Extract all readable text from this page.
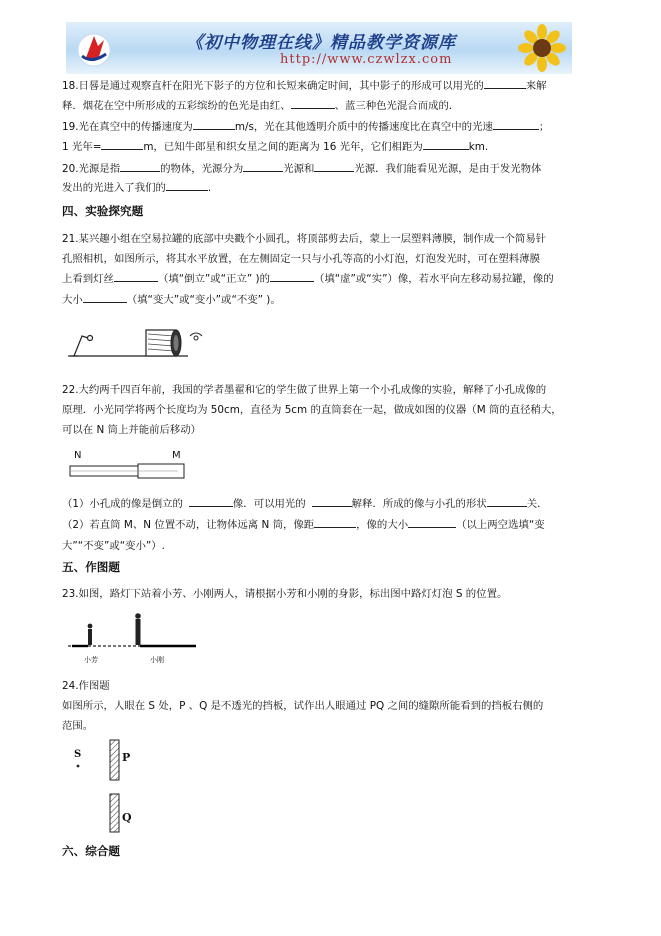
《初中物理在线》精品教学资源库
http://www.czwlzx.com
18.日晷是通过观察直杆在阳光下影子的方位和长短来确定时间，其中影子的形成可以用光的	来解
释．烟花在空中所形成的五彩缤纷的色光是由红、	、蓝三种色光混合而成的．
19.光在真空中的传播速度为	m/s，光在其他透明介质中的传播速度比在真空中的光速	；
1 光年=	m，已知牛郎星和织女星之间的距离为 16 光年，它们相距为	km.
20.光源是指	的物体，光源分为	光源和	光源．我们能看见光源，是由于发光物体
发出的光进入了我们的	.
四、实验探究题
21.某兴趣小组在空易拉罐的底部中央戳个小圆孔，将顶部剪去后，蒙上一层塑料薄膜，制作成一个简易针
孔照相机，如图所示，将其水平放置，在左侧固定一只与小孔等高的小灯泡，灯泡发光时，可在塑料薄膜
上看到灯丝	（填“倒立”或“正立” )的	（填“虚”或“实”）像，若水平向左移动易拉罐，像的
大小	（填“变大”或“变小”或“不变” )。
22.大约两千四百年前，我国的学者墨翟和它的学生做了世界上第一个小孔成像的实验，解释了小孔成像的
原理．小光同学将两个长度均为 50cm，直径为 5cm 的直筒套在一起，做成如图的仪器（M 筒的直径稍大，
可以在 N 筒上并能前后移动）
N	M
（1）小孔成的像是倒立的	像．可以用光的	解释．所成的像与小孔的形状	关．
（2）若直筒 M、N 位置不动，让物体远离 N 筒，像距	，像的大小	（以上两空选填“变
大”“不变”或“变小”）.
五、作图题
23.如图，路灯下站着小芳、小刚两人，请根据小芳和小刚的身影，标出图中路灯灯泡 S 的位置。
小芳	小刚
24.作图题
如图所示，人眼在 S 处，P 、Q 是不透光的挡板，试作出人眼通过 PQ 之间的缝隙所能看到的挡板右侧的
范围。
S	P
Q
六、综合题
